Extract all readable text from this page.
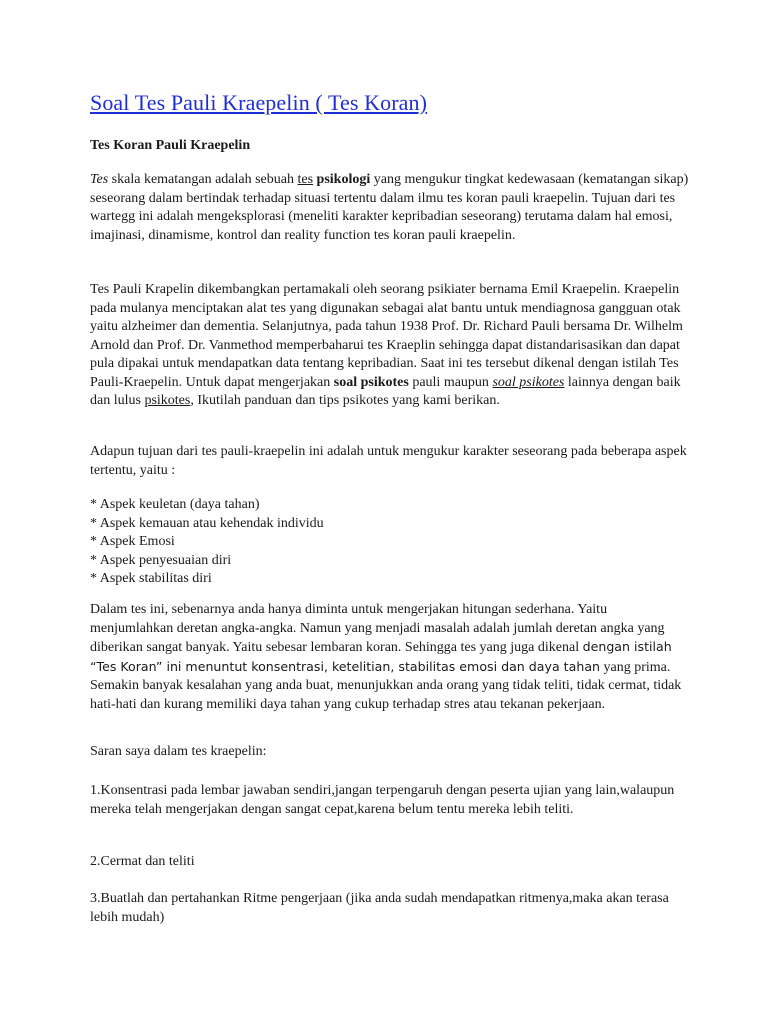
Soal Tes Pauli Kraepelin ( Tes Koran)
Tes Koran Pauli Kraepelin

Tes skala kematangan adalah sebuah tes psikologi yang mengukur tingkat kedewasaan (kematangan sikap) seseorang dalam bertindak terhadap situasi tertentu dalam ilmu tes koran pauli kraepelin. Tujuan dari tes wartegg ini adalah mengeksplorasi (meneliti karakter kepribadian seseorang) terutama dalam hal emosi, imajinasi, dinamisme, kontrol dan reality function tes koran pauli kraepelin.

Tes Pauli Krapelin dikembangkan pertamakali oleh seorang psikiater bernama Emil Kraepelin. Kraepelin pada mulanya menciptakan alat tes yang digunakan sebagai alat bantu untuk mendiagnosa gangguan otak yaitu alzheimer dan dementia. Selanjutnya, pada tahun 1938 Prof. Dr. Richard Pauli bersama Dr. Wilhelm Arnold dan Prof. Dr. Vanmethod memperbaharui tes Kraeplin sehingga dapat distandarisasikan dan dapat pula dipakai untuk mendapatkan data tentang kepribadian. Saat ini tes tersebut dikenal dengan istilah Tes Pauli-Kraepelin. Untuk dapat mengerjakan soal psikotes pauli maupun soal psikotes lainnya dengan baik dan lulus psikotes, Ikutilah panduan dan tips psikotes yang kami berikan.

Adapun tujuan dari tes pauli-kraepelin ini adalah untuk mengukur karakter seseorang pada beberapa aspek tertentu, yaitu :

* Aspek keuletan (daya tahan)
* Aspek kemauan atau kehendak individu
* Aspek Emosi
* Aspek penyesuaian diri
* Aspek stabilitas diri

Dalam tes ini, sebenarnya anda hanya diminta untuk mengerjakan hitungan sederhana. Yaitu menjumlahkan deretan angka-angka. Namun yang menjadi masalah adalah jumlah deretan angka yang diberikan sangat banyak. Yaitu sebesar lembaran koran. Sehingga tes yang juga dikenal dengan istilah “Tes Koran” ini menuntut konsentrasi, ketelitian, stabilitas emosi dan daya tahan yang prima. Semakin banyak kesalahan yang anda buat, menunjukkan anda orang yang tidak teliti, tidak cermat, tidak hati-hati dan kurang memiliki daya tahan yang cukup terhadap stres atau tekanan pekerjaan.

Saran saya dalam tes kraepelin:

1.Konsentrasi pada lembar jawaban sendiri,jangan terpengaruh dengan peserta ujian yang lain,walaupun mereka telah mengerjakan dengan sangat cepat,karena belum tentu mereka lebih teliti.

2.Cermat dan teliti

3.Buatlah dan pertahankan Ritme pengerjaan (jika anda sudah mendapatkan ritmenya,maka akan terasa lebih mudah)
